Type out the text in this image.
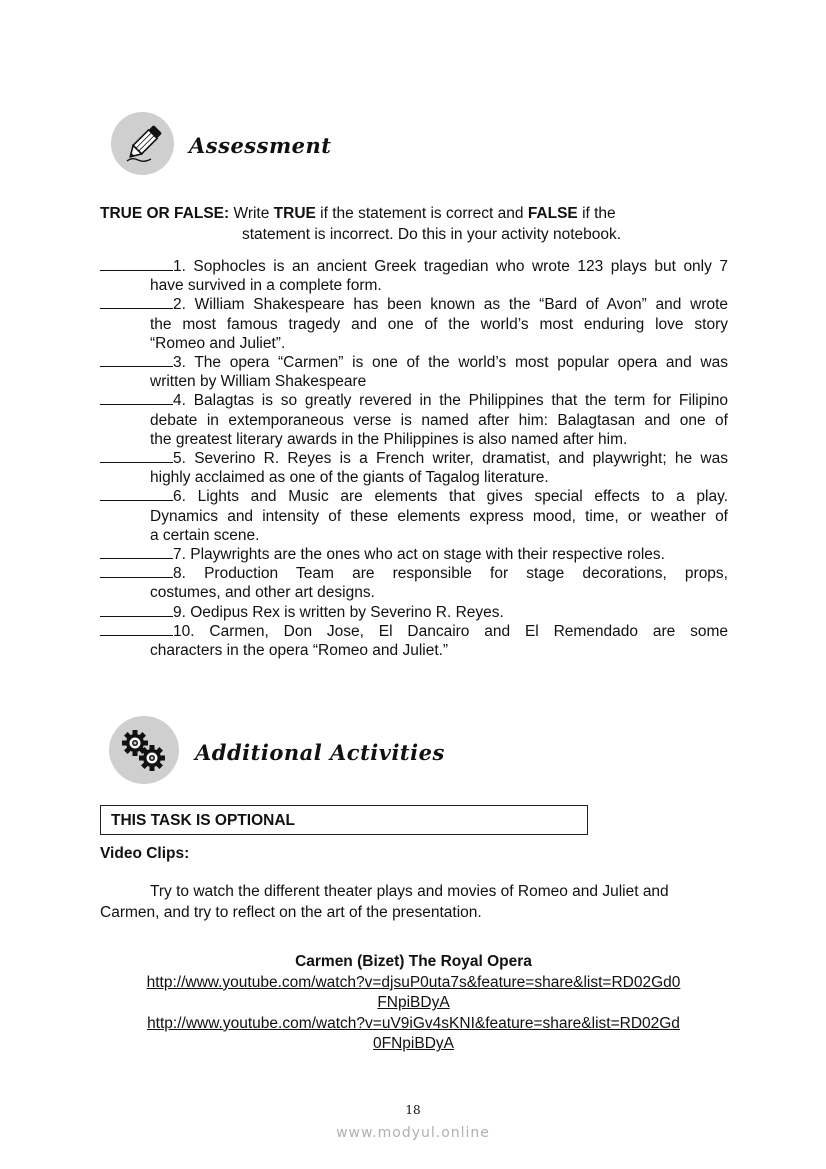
Assessment
TRUE OR FALSE: Write TRUE if the statement is correct and FALSE if the
statement is incorrect. Do this in your activity notebook.
1. Sophocles is an ancient Greek tragedian who wrote 123 plays but only 7
have survived in a complete form.
2. William Shakespeare has been known as the “Bard of Avon” and wrote
the most famous tragedy and one of the world’s most enduring love story
“Romeo and Juliet”.
3. The opera “Carmen” is one of the world’s most popular opera and was
written by William Shakespeare
4. Balagtas is so greatly revered in the Philippines that the term for Filipino
debate in extemporaneous verse is named after him: Balagtasan and one of
the greatest literary awards in the Philippines is also named after him.
5. Severino R. Reyes is a French writer, dramatist, and playwright; he was
highly acclaimed as one of the giants of Tagalog literature.
6. Lights and Music are elements that gives special effects to a play.
Dynamics and intensity of these elements express mood, time, or weather of
a certain scene.
7. Playwrights are the ones who act on stage with their respective roles.
8. Production Team are responsible for stage decorations, props,
costumes, and other art designs.
9. Oedipus Rex is written by Severino R. Reyes.
10. Carmen, Don Jose, El Dancairo and El Remendado are some
characters in the opera “Romeo and Juliet.”
Additional Activities
THIS TASK IS OPTIONAL
Video Clips:
Try to watch the different theater plays and movies of Romeo and Juliet and
Carmen, and try to reflect on the art of the presentation.
Carmen (Bizet) The Royal Opera
http://www.youtube.com/watch?v=djsuP0uta7s&feature=share&list=RD02Gd0
FNpiBDyA
http://www.youtube.com/watch?v=uV9iGv4sKNI&feature=share&list=RD02Gd
0FNpiBDyA
18
www.modyul.online
